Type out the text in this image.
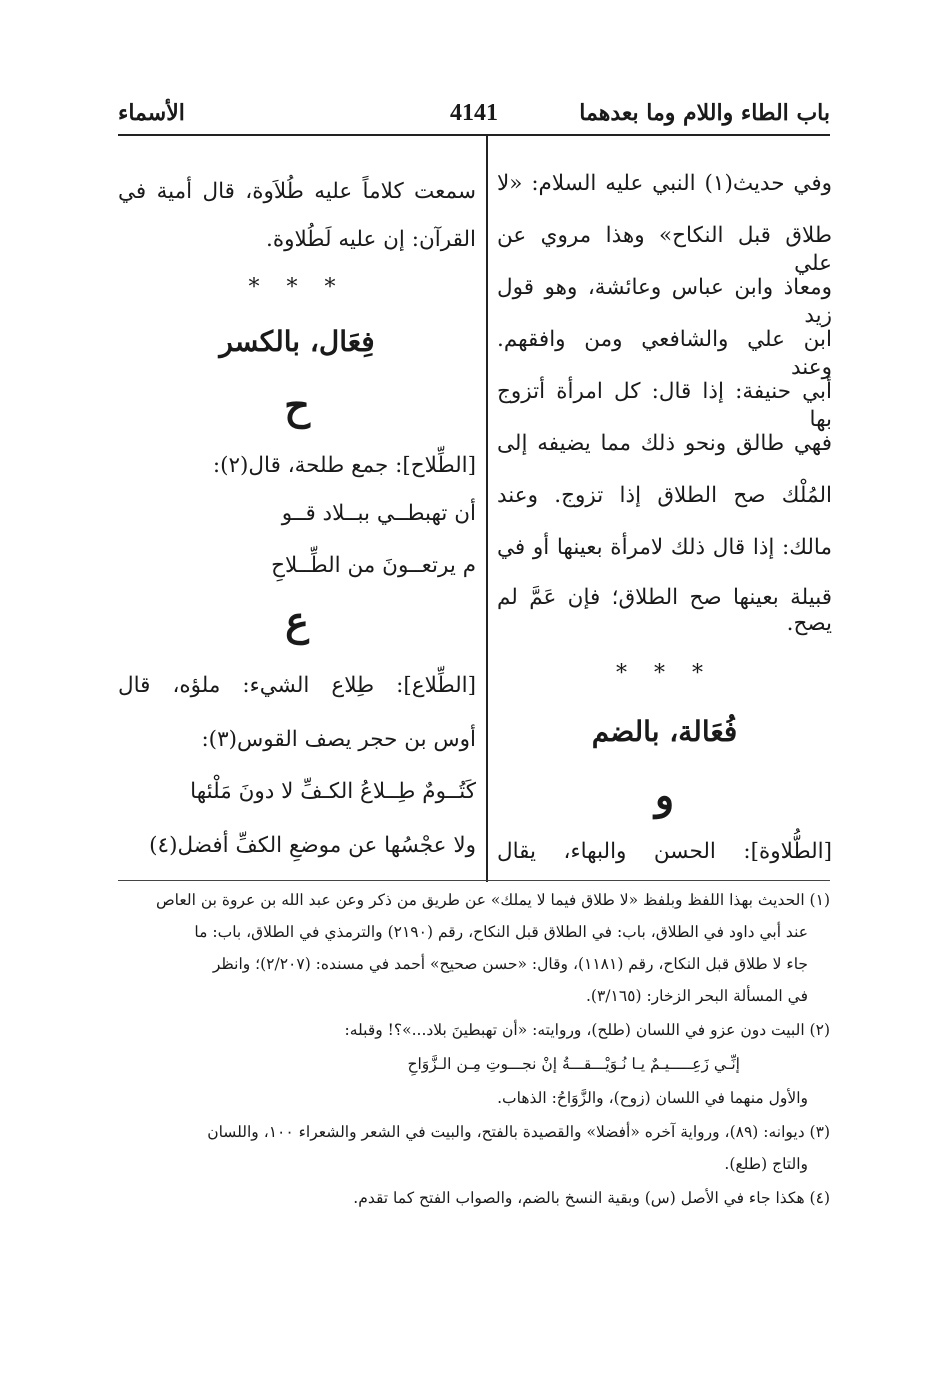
باب الطاء واللام وما بعدهما
4141
الأسماء
وفي حديث(١) النبي عليه السلام: «لا
طلاق قبل النكاح» وهذا مروي عن علي
ومعاذ وابن عباس وعائشة، وهو قول زيد
ابن علي والشافعي ومن وافقهم. وعند
أبي حنيفة: إذا قال: كل امرأة أتزوج بها
فهي طالق ونحو ذلك مما يضيفه إلى
المُلْك صح الطلاق إذا تزوج. وعند
مالك: إذا قال ذلك لامرأة بعينها أو في
قبيلة بعينها صح الطلاق؛ فإن عَمَّ لم
يصح.
* * *
فُعَالة، بالضم
و
[الطُّلاوة]: الحسن والبهاء، يقال
سمعت كلاماً عليه طُلاَوة، قال أمية في
القرآن: إن عليه لَطُلاوة.
* * *
فِعَال، بالكسر
ح
[الطِّلاح]: جمع طلحة، قال(٢):
أن تهبطــي ببــلاد قــو
م يرتعــونَ من الطِّــلاحِ
ع
[الطِّلاع]: طِلاع الشيء: ملؤه، قال
أوس بن حجر يصف القوس(٣):
كَتُــومٌ طِــلاعُ الكـفِّ لا دونَ مَلْئها
ولا عجْسُها عن موضعِ الكفِّ أفضل(٤)
(١) الحديث بهذا اللفظ وبلفظ «لا طلاق فيما لا يملك» عن طريق من ذكر وعن عبد الله بن عروة بن العاص
عند أبي داود في الطلاق، باب: في الطلاق قبل النكاح، رقم (٢١٩٠) والترمذي في الطلاق، باب: ما
جاء لا طلاق قبل النكاح، رقم (١١٨١)، وقال: «حسن صحيح» أحمد في مسنده: (٢/٢٠٧)؛ وانظر
في المسألة البحر الزخار: (٣/١٦٥).
(٢) البيت دون عزو في اللسان (طلح)، وروايته: «أن تهبطينَ بلاد...»؟! وقبله:
إنِّـي زَعِـــــيـمٌ يـا نُـوَيْـــقـــةُ إنْ نجـــوتِ مِـن الـزَّوَاحِ
والأول منهما في اللسان (زوح)، والزَّوَاحُ: الذهاب.
(٣) ديوانه: (٨٩)، ورواية آخره «أفضلا» والقصيدة بالفتح، والبيت في الشعر والشعراء ١٠٠، واللسان
والتاج (طلع).
(٤) هكذا جاء في الأصل (س) وبقية النسخ بالضم، والصواب الفتح كما تقدم.
